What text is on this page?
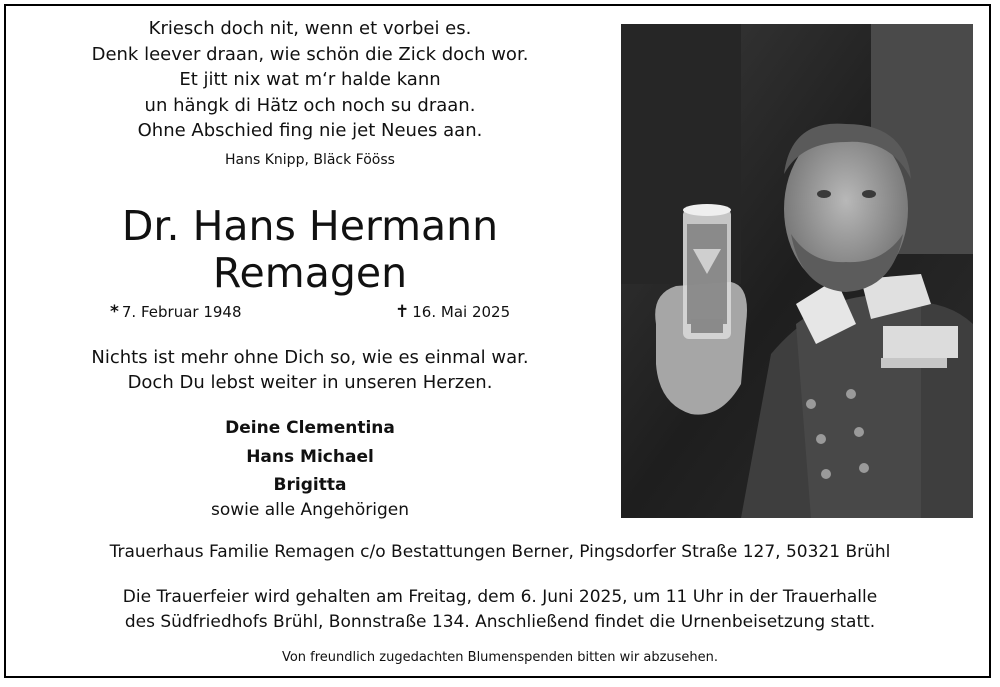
Kriesch doch nit, wenn et vorbei es.
Denk leever draan, wie schön die Zick doch wor.
Et jitt nix wat m‘r halde kann
un hängk di Hätz och noch su draan.
Ohne Abschied fing nie jet Neues aan.
Hans Knipp, Bläck Fööss
Dr. Hans Hermann
Remagen
* 7. Februar 1948	✝ 16. Mai 2025
Nichts ist mehr ohne Dich so, wie es einmal war.
Doch Du lebst weiter in unseren Herzen.
Deine Clementina
Hans Michael
Brigitta
sowie alle Angehörigen
Trauerhaus Familie Remagen c/o Bestattungen Berner, Pingsdorfer Straße 127, 50321 Brühl
Die Trauerfeier wird gehalten am Freitag, dem 6. Juni 2025, um 11 Uhr in der Trauerhalle
des Südfriedhofs Brühl, Bonnstraße 134. Anschließend findet die Urnenbeisetzung statt.
Von freundlich zugedachten Blumenspenden bitten wir abzusehen.
